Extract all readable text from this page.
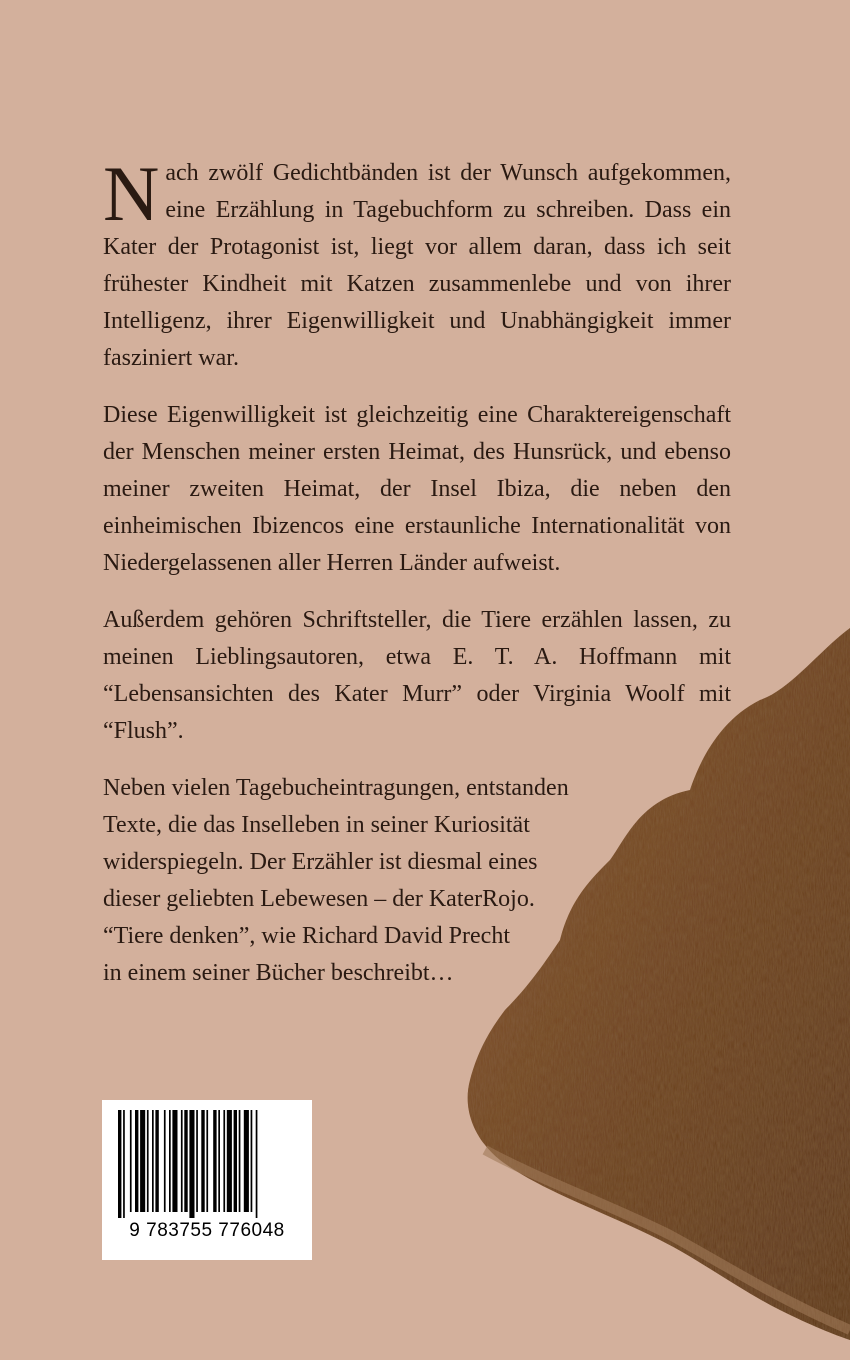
Nach zwölf Gedichtbänden ist der Wunsch aufgekommen, eine Erzählung in Tagebuchform zu schreiben. Dass ein Kater der Protagonist ist, liegt vor allem daran, dass ich seit frühester Kindheit mit Katzen zusammenlebe und von ihrer Intelligenz, ihrer Eigenwilligkeit und Unabhängigkeit immer fasziniert war.

Diese Eigenwilligkeit ist gleichzeitig eine Charaktereigenschaft der Menschen meiner ersten Heimat, des Hunsrück, und ebenso meiner zweiten Heimat, der Insel Ibiza, die neben den einheimischen Ibizencos eine erstaunliche Internationalität von Niedergelassenen aller Herren Länder aufweist.

Außerdem gehören Schriftsteller, die Tiere erzählen lassen, zu meinen Lieblingsautoren, etwa E. T. A. Hoffmann mit “Lebensansichten des Kater Murr” oder Virginia Woolf mit “Flush”.

Neben vielen Tagebucheintragungen, entstanden
Texte, die das Inselleben in seiner Kuriosität
widerspiegeln. Der Erzähler ist diesmal eines
dieser geliebten Lebewesen – der KaterRojo.
“Tiere denken”, wie Richard David Precht
in einem seiner Bücher beschreibt…

9 783755 776048
